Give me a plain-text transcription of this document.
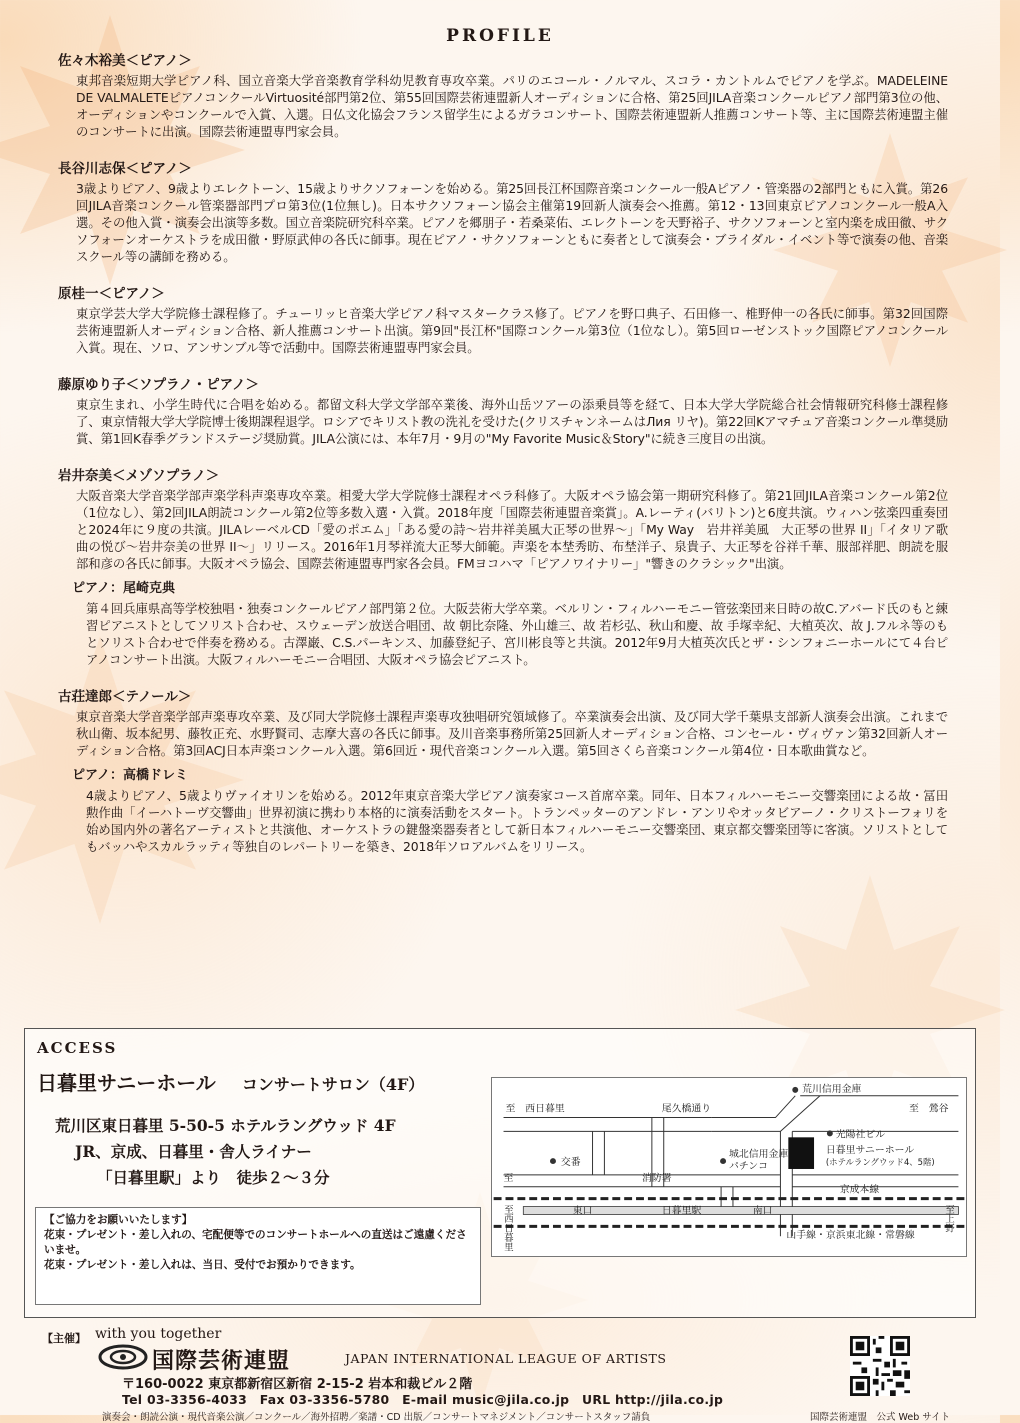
PROFILE
佐々木裕美＜ピアノ＞
東邦音楽短期大学ピアノ科、国立音楽大学音楽教育学科幼児教育専攻卒業。パリのエコール・ノルマル、スコラ・カントルムでピアノを学ぶ。MADELEINE DE VALMALETEピアノコンクールVirtuosité部門第2位、第55回国際芸術連盟新人オーディションに合格、第25回JILA音楽コンクールピアノ部門第3位の他、オーディションやコンクールで入賞、入選。日仏文化協会フランス留学生によるガラコンサート、国際芸術連盟新人推薦コンサート等、主に国際芸術連盟主催のコンサートに出演。国際芸術連盟専門家会員。
長谷川志保＜ピアノ＞
3歳よりピアノ、9歳よりエレクトーン、15歳よりサクソフォーンを始める。第25回長江杯国際音楽コンクール一般Aピアノ・管楽器の2部門ともに入賞。第26回JILA音楽コンクール管楽器部門プロ第3位(1位無し)。日本サクソフォーン協会主催第19回新人演奏会へ推薦。第12・13回東京ピアノコンクール一般A入選。その他入賞・演奏会出演等多数。国立音楽院研究科卒業。ピアノを郷朋子・若桑菜佑、エレクトーンを天野裕子、サクソフォーンと室内楽を成田徹、サクソフォーンオーケストラを成田徹・野原武伸の各氏に師事。現在ピアノ・サクソフォーンともに奏者として演奏会・ブライダル・イベント等で演奏の他、音楽スクール等の講師を務める。
原桂一＜ピアノ＞
東京学芸大学大学院修士課程修了。チューリッヒ音楽大学ピアノ科マスタークラス修了。ピアノを野口典子、石田修一、椎野伸一の各氏に師事。第32回国際芸術連盟新人オーディション合格、新人推薦コンサート出演。第9回"長江杯"国際コンクール第3位（1位なし）。第5回ローゼンストック国際ピアノコンクール入賞。現在、ソロ、アンサンブル等で活動中。国際芸術連盟専門家会員。
藤原ゆり子＜ソプラノ・ピアノ＞
東京生まれ、小学生時代に合唱を始める。都留文科大学文学部卒業後、海外山岳ツアーの添乗員等を経て、日本大学大学院総合社会情報研究科修士課程修了、東京情報大学大学院博士後期課程退学。ロシアでキリスト教の洗礼を受けた(クリスチャンネームはЛия リヤ)。第22回Kアマチュア音楽コンクール準奨励賞、第1回K春季グランドステージ奨励賞。JILA公演には、本年7月・9月の"My Favorite Music＆Story"に続き三度目の出演。
岩井奈美＜メゾソプラノ＞
大阪音楽大学音楽学部声楽学科声楽専攻卒業。相愛大学大学院修士課程オペラ科修了。大阪オペラ協会第一期研究科修了。第21回JILA音楽コンクール第2位（1位なし）、第2回JILA朗読コンクール第2位等多数入選・入賞。2018年度「国際芸術連盟音楽賞」。A.レーティ(バリトン)と6度共演。ウィハン弦楽四重奏団と2024年に９度の共演。JILAレーベルCD「愛のポエム」「ある愛の詩～岩井祥美風大正琴の世界～」「My Way　岩井祥美風　大正琴の世界 II」「イタリア歌曲の悦び～岩井奈美の世界 II～」リリース。2016年1月琴祥流大正琴大師範。声楽を本埜秀昉、布埜洋子、泉貴子、大正琴を谷祥千華、服部祥肥、朗読を服部和彦の各氏に師事。大阪オペラ協会、国際芸術連盟専門家各会員。FMヨコハマ「ピアノワイナリー」"響きのクラシック"出演。
ピアノ：尾崎克典
第４回兵庫県高等学校独唱・独奏コンクールピアノ部門第２位。大阪芸術大学卒業。ベルリン・フィルハーモニー管弦楽団来日時の故C.アバード氏のもと練習ピアニストとしてソリスト合わせ、スウェーデン放送合唱団、故 朝比奈隆、外山雄三、故 若杉弘、秋山和慶、故 手塚幸紀、大植英次、故 J.フルネ等のもとソリスト合わせで伴奏を務める。古澤巌、C.S.パーキンス、加藤登紀子、宮川彬良等と共演。2012年9月大植英次氏とザ・シンフォニーホールにて４台ピアノコンサート出演。大阪フィルハーモニー合唱団、大阪オペラ協会ピアニスト。
古荘達郎＜テノール＞
東京音楽大学音楽学部声楽専攻卒業、及び同大学院修士課程声楽専攻独唱研究領域修了。卒業演奏会出演、及び同大学千葉県支部新人演奏会出演。これまで秋山衛、坂本紀男、藤牧正充、水野賢司、志摩大喜の各氏に師事。及川音楽事務所第25回新人オーディション合格、コンセール・ヴィヴァン第32回新人オーディション合格。第3回ACJ日本声楽コンクール入選。第6回近・現代音楽コンクール入選。第5回さくら音楽コンクール第4位・日本歌曲賞など。
ピアノ：高橋ドレミ
4歳よりピアノ、5歳よりヴァイオリンを始める。2012年東京音楽大学ピアノ演奏家コース首席卒業。同年、日本フィルハーモニー交響楽団による故・冨田勲作曲「イーハトーヴ交響曲」世界初演に携わり本格的に演奏活動をスタート。トランペッターのアンドレ・アンリやオッタビアーノ・クリストーフォリを始め国内外の著名アーティストと共演他、オーケストラの鍵盤楽器奏者として新日本フィルハーモニー交響楽団、東京都交響楽団等に客演。ソリストとしてもバッハやスカルラッティ等独自のレパートリーを築き、2018年ソロアルバムをリリース。
ACCESS
日暮里サニーホール コンサートサロン（4F）
荒川区東日暮里 5-50-5 ホテルラングウッド 4F
JR、京成、日暮里・舎人ライナー
「日暮里駅」より　徒歩２～３分
【ご協力をお願いいたします】
花束・プレゼント・差し入れの、宅配便等でのコンサートホールへの直送はご遠慮くださいませ。
花束・プレゼント・差し入れは、当日、受付でお預かりできます。
至　西日暮里	尾久橋通り
荒川信用金庫
至　鶯谷
光陽社ビル
日暮里サニーホール
(ホテルラングウッド4、5階)
交番
消防署
城北信用金庫
パチンコ
京成本線
至
東口	日暮里駅	南口
山手線・京浜東北線・常磐線
至西日暮里	至上野
【主催】 with you together
国際芸術連盟	JAPAN INTERNATIONAL LEAGUE OF ARTISTS
〒160-0022 東京都新宿区新宿 2-15-2 岩本和裁ビル２階
Tel 03-3356-4033　Fax 03-3356-5780　E-mail music@jila.co.jp　URL http://jila.co.jp
演奏会・朗読公演・現代音楽公演／コンクール／海外招聘／楽譜・CD 出版／コンサートマネジメント／コンサートスタッフ請負	国際芸術連盟　公式 Web サイト
